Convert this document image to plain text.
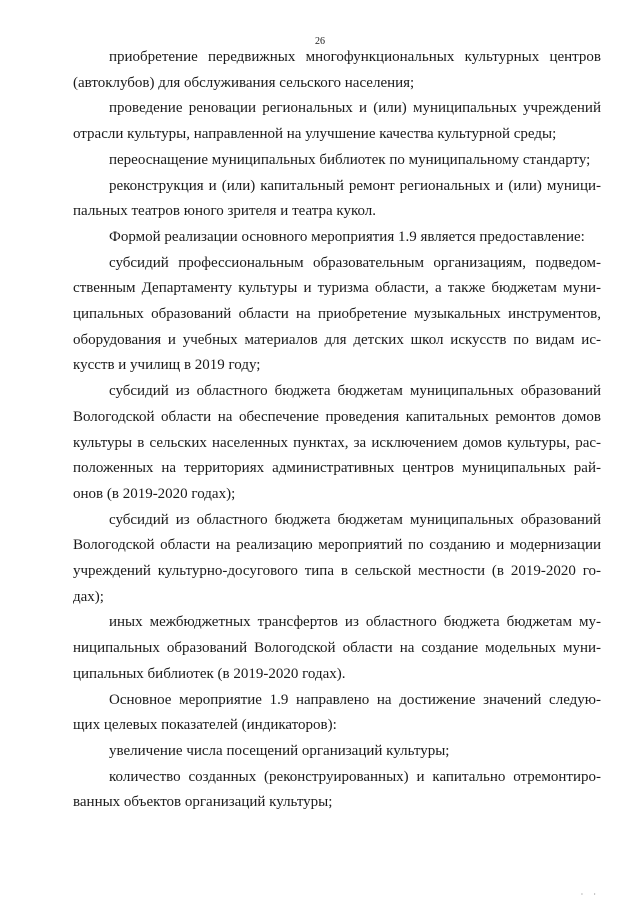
26
приобретение передвижных многофункциональных культурных центров
(автоклубов) для обслуживания сельского населения;
проведение реновации региональных и (или) муниципальных учреждений
отрасли культуры, направленной на улучшение качества культурной среды;
переоснащение муниципальных библиотек по муниципальному стандарту;
реконструкция и (или) капитальный ремонт региональных и (или) муници-
пальных театров юного зрителя и театра кукол.
Формой реализации основного мероприятия 1.9 является предоставление:
субсидий профессиональным образовательным организациям, подведом-
ственным Департаменту культуры и туризма области, а также бюджетам муни-
ципальных образований области на приобретение музыкальных инструментов,
оборудования и учебных материалов для детских школ искусств по видам ис-
кусств и училищ в 2019 году;
субсидий из областного бюджета бюджетам муниципальных образований
Вологодской области на обеспечение проведения капитальных ремонтов домов
культуры в сельских населенных пунктах, за исключением домов культуры, рас-
положенных на территориях административных центров муниципальных рай-
онов (в 2019-2020 годах);
субсидий из областного бюджета бюджетам муниципальных образований
Вологодской области на реализацию мероприятий по созданию и модернизации
учреждений культурно-досугового типа в сельской местности (в 2019-2020 го-
дах);
иных межбюджетных трансфертов из областного бюджета бюджетам му-
ниципальных образований Вологодской области на создание модельных муни-
ципальных библиотек (в 2019-2020 годах).
Основное мероприятие 1.9 направлено на достижение значений следую-
щих целевых показателей (индикаторов):
увеличение числа посещений организаций культуры;
количество созданных (реконструированных) и капитально отремонтиро-
ванных объектов организаций культуры;
· ·
